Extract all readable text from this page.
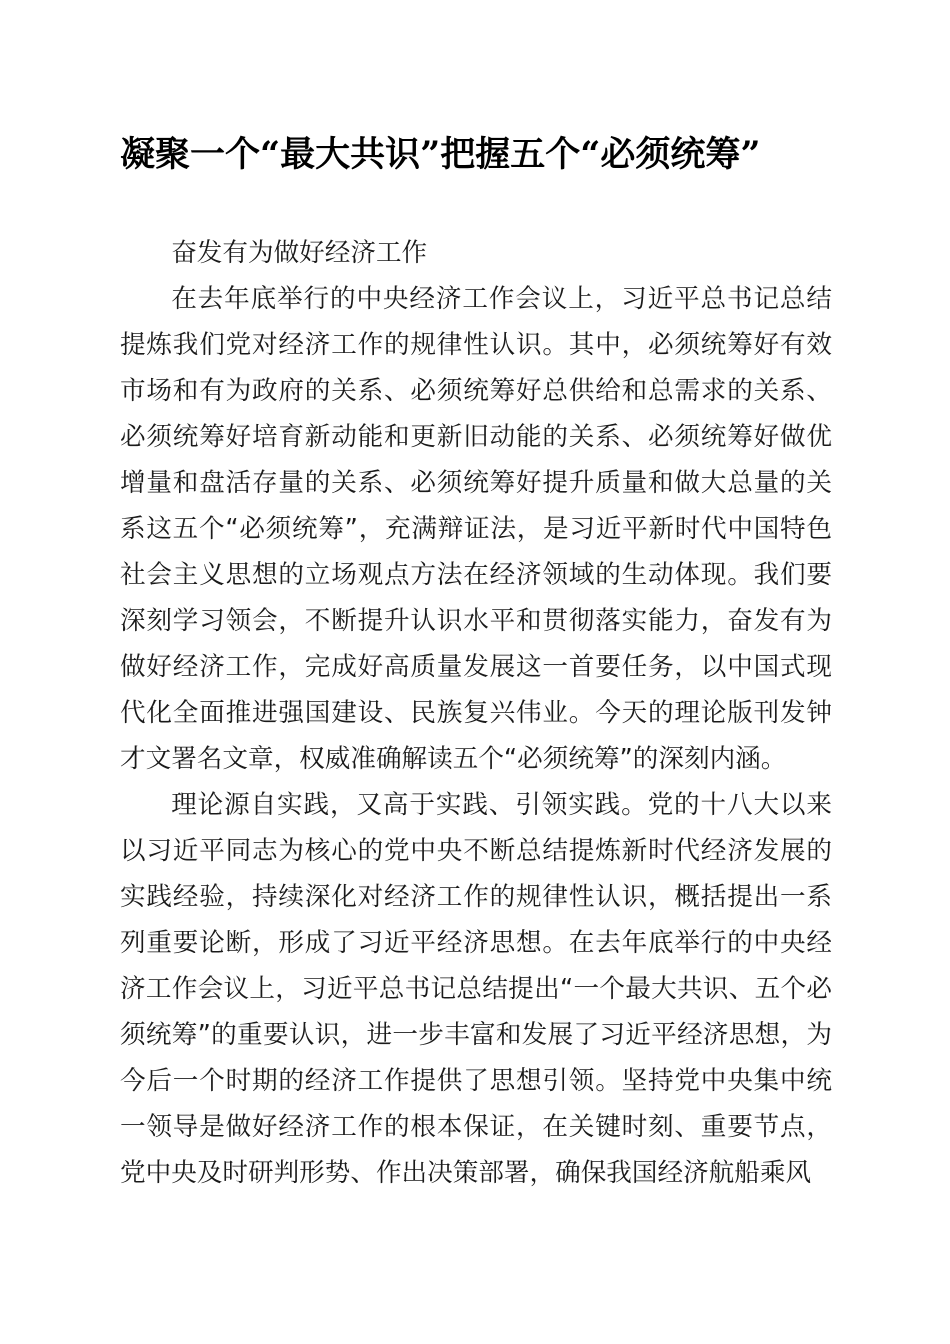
凝聚一个“最大共识”把握五个“必须统筹”

奋发有为做好经济工作

在去年底举行的中央经济工作会议上，习近平总书记总结提炼我们党对经济工作的规律性认识。其中，必须统筹好有效市场和有为政府的关系、必须统筹好总供给和总需求的关系、必须统筹好培育新动能和更新旧动能的关系、必须统筹好做优增量和盘活存量的关系、必须统筹好提升质量和做大总量的关系这五个“必须统筹”，充满辩证法，是习近平新时代中国特色社会主义思想的立场观点方法在经济领域的生动体现。我们要深刻学习领会，不断提升认识水平和贯彻落实能力，奋发有为做好经济工作，完成好高质量发展这一首要任务，以中国式现代化全面推进强国建设、民族复兴伟业。今天的理论版刊发钟才文署名文章，权威准确解读五个“必须统筹”的深刻内涵。

理论源自实践，又高于实践、引领实践。党的十八大以来以习近平同志为核心的党中央不断总结提炼新时代经济发展的实践经验，持续深化对经济工作的规律性认识，概括提出一系列重要论断，形成了习近平经济思想。在去年底举行的中央经济工作会议上，习近平总书记总结提出“一个最大共识、五个必须统筹”的重要认识，进一步丰富和发展了习近平经济思想，为今后一个时期的经济工作提供了思想引领。坚持党中央集中统一领导是做好经济工作的根本保证，在关键时刻、重要节点，党中央及时研判形势、作出决策部署，确保我国经济航船乘风
